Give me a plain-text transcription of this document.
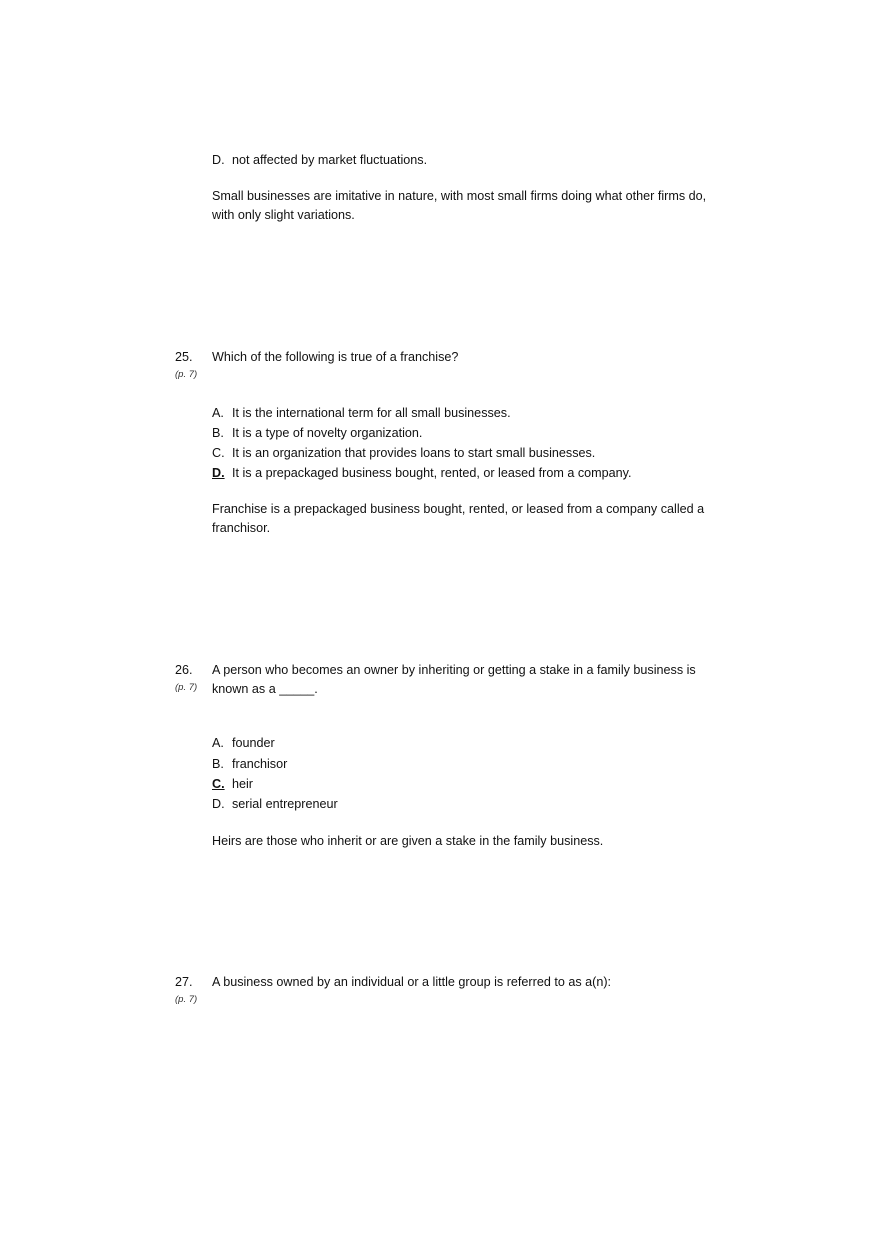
D. not affected by market fluctuations.
Small businesses are imitative in nature, with most small firms doing what other firms do, with only slight variations.
25.
(p. 7)
Which of the following is true of a franchise?
A. It is the international term for all small businesses.
B. It is a type of novelty organization.
C. It is an organization that provides loans to start small businesses.
D. It is a prepackaged business bought, rented, or leased from a company.
Franchise is a prepackaged business bought, rented, or leased from a company called a franchisor.
26.
(p. 7)
A person who becomes an owner by inheriting or getting a stake in a family business is known as a _____.
A. founder
B. franchisor
C. heir
D. serial entrepreneur
Heirs are those who inherit or are given a stake in the family business.
27.
(p. 7)
A business owned by an individual or a little group is referred to as a(n):
